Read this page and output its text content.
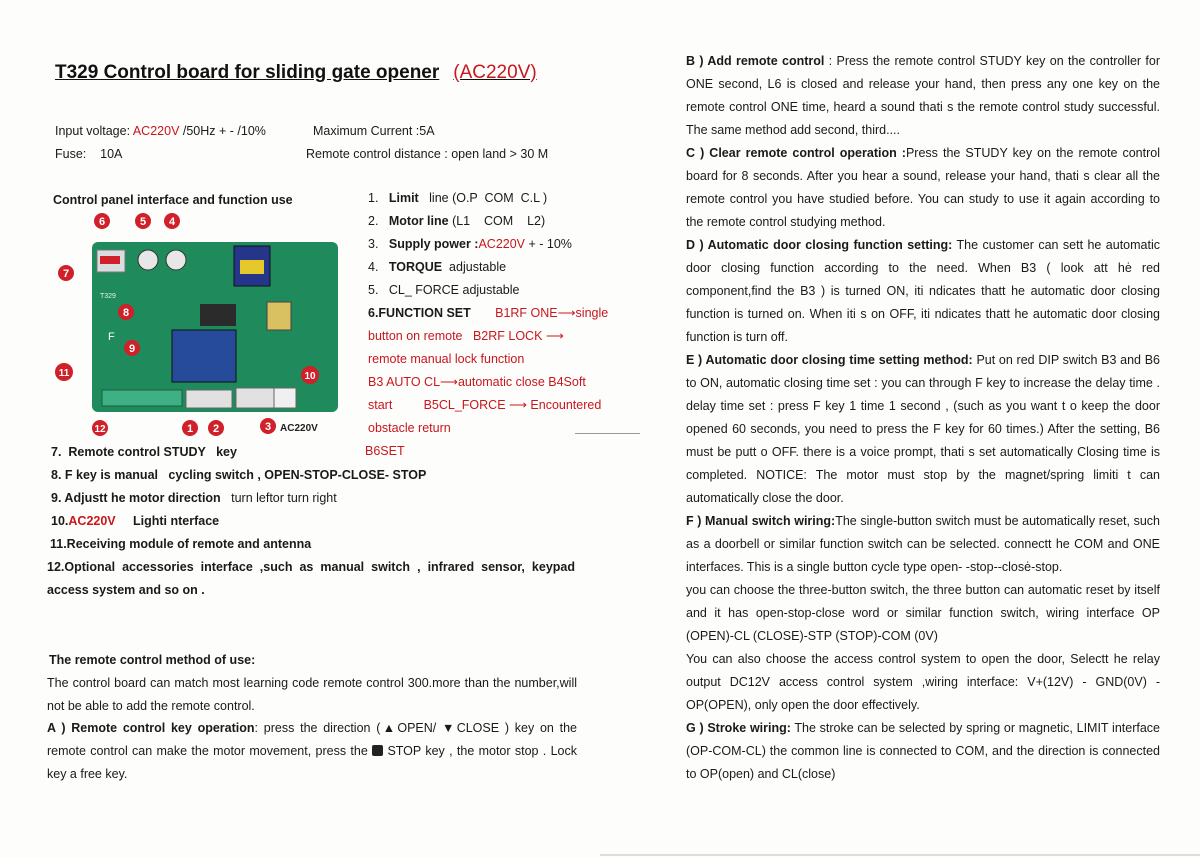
T329 Control board for sliding gate opener (AC220V)
Input voltage: AC220V /50Hz + - /10%	Maximum Current :5A
Fuse:    10A	Remote control distance : open land > 30 M
Control panel interface and function use
T329
F
6	5 4
7
8
9
11	10
12	1 2	3 AC220V
1. Limit line (O.P  COM  C.L )
2. Motor line (L1    COM    L2)
3. Supply power :AC220V + - 10%
4. TORQUE  adjustable
5. CL_ FORCE adjustable
6.FUNCTION SET B1RF ONE⟶single
button on remote B2RF LOCK ⟶
remote manual lock function
B3 AUTO CL⟶automatic close B4Soft
start	B5CL_FORCE ⟶ Encountered
obstacle return
B6SET
7.  Remote control STUDY   key
8. F key is manual cycling switch , OPEN-STOP-CLOSE- STOP
9. Adjustt he motor direction turn leftor turn right
10.AC220V Lighti nterface
11.Receiving module of remote and antenna
12.Optional accessories interface ,such as manual switch , infrared sensor, keypad access system and so on .
The remote control method of use:
The control board can match most learning code remote control 300.more than the number,will not be able to add the remote control.
A ) Remote control key operation: press the direction (▲OPEN/ ▼CLOSE ) key on the remote control can make the motor movement, press the STOP key , the motor stop . Lock key a free key.
B ) Add remote control : Press the remote control STUDY key on the controller for ONE second, L6 is closed and release your hand, then press any one key on the remote control ONE time, heard a sound thati s the remote control study successful. The same method add second, third....
C ) Clear remote control operation :Press the STUDY key on the remote control board for 8 seconds. After you hear a sound, release your hand, thati s clear all the remote control you have studied before. You can study to use it again according to the remote control studying method.
D ) Automatic door closing function setting: The customer can sett he automatic door closing function according to the need. When B3 ( look att hė red component,find the B3 ) is turned ON, iti ndicates thatt he automatic door closing function is turned on. When iti s on OFF, iti ndicates thatt he automatic door closing function is turn off.
E ) Automatic door closing time setting method: Put on red DIP switch B3 and B6 to ON, automatic closing time set : you can through F key to increase the delay time . delay time set : press F key 1 time 1 second , (such as you want t o keep the door opened 60 seconds, you need to press the F key for 60 times.) After the setting, B6 must be putt o OFF. there is a voice prompt, thati s set automatically Closing time is completed. NOTICE: The motor must stop by the magnet/spring limiti t can automatically close the door.
F ) Manual switch wiring:The single-button switch must be automatically reset, such as a doorbell or similar function switch can be selected. connectt he COM and ONE interfaces. This is a single button cycle type open- -stop--closė-stop.
you can choose the three-button switch, the three button can automatic reset by itself and it has open-stop-close word or similar function switch, wiring interface OP (OPEN)-CL (CLOSE)-STP (STOP)-COM (0V)
You can also choose the access control system to open the door, Selectt he relay output DC12V access control system ,wiring interface: V+(12V) - GND(0V) - OP(OPEN), only open the door effectively.
G ) Stroke wiring: The stroke can be selected by spring or magnetic, LIMIT interface (OP-COM-CL) the common line is connected to COM, and the direction is connected to OP(open) and CL(close)
